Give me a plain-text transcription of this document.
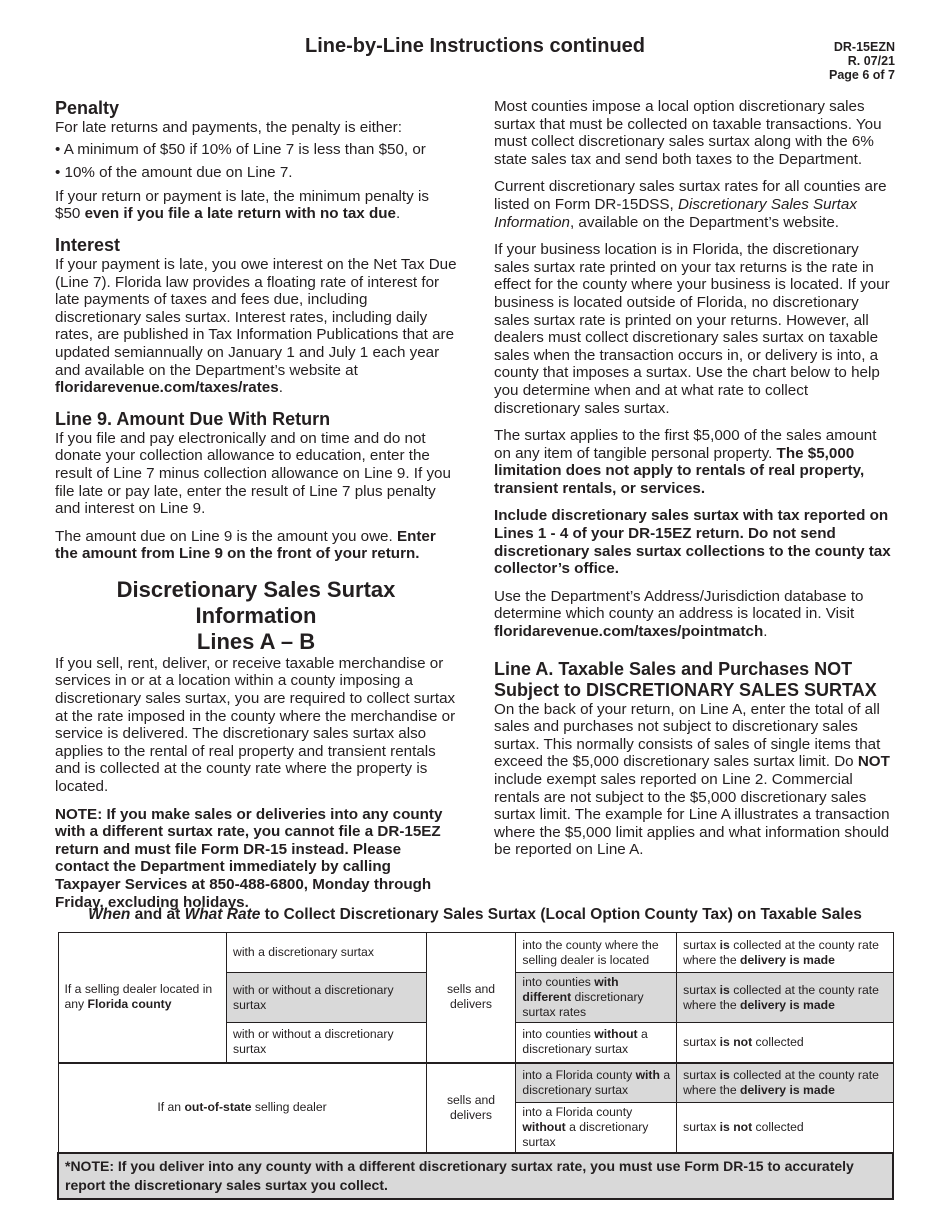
Line-by-Line Instructions continued	DR-15EZN
R. 07/21
Page 6 of 7
Penalty

For late returns and payments, the penalty is either:

• A minimum of $50 if 10% of Line 7 is less than $50, or
• 10% of the amount due on Line 7.

If your return or payment is late, the minimum penalty is $50 even if you file a late return with no tax due.

Interest

If your payment is late, you owe interest on the Net Tax Due (Line 7). Florida law provides a floating rate of interest for late payments of taxes and fees due, including discretionary sales surtax. Interest rates, including daily rates, are published in Tax Information Publications that are updated semiannually on January 1 and July 1 each year and available on the Department’s website at floridarevenue.com/taxes/rates.

Line 9. Amount Due With Return

If you file and pay electronically and on time and do not donate your collection allowance to education, enter the result of Line 7 minus collection allowance on Line 9. If you file late or pay late, enter the result of Line 7 plus penalty and interest on Line 9.

The amount due on Line 9 is the amount you owe. Enter the amount from Line 9 on the front of your return.

Discretionary Sales Surtax Information
Lines A – B

If you sell, rent, deliver, or receive taxable merchandise or services in or at a location within a county imposing a discretionary sales surtax, you are required to collect surtax at the rate imposed in the county where the merchandise or service is delivered. The discretionary sales surtax also applies to the rental of real property and transient rentals and is collected at the county rate where the property is located.

NOTE: If you make sales or deliveries into any county with a different surtax rate, you cannot file a DR-15EZ return and must file Form DR-15 instead. Please contact the Department immediately by calling Taxpayer Services at 850-488-6800, Monday through Friday, excluding holidays.

Most counties impose a local option discretionary sales surtax that must be collected on taxable transactions. You must collect discretionary sales surtax along with the 6% state sales tax and send both taxes to the Department.

Current discretionary sales surtax rates for all counties are listed on Form DR-15DSS, Discretionary Sales Surtax Information, available on the Department’s website.

If your business location is in Florida, the discretionary sales surtax rate printed on your tax returns is the rate in effect for the county where your business is located. If your business is located outside of Florida, no discretionary sales surtax rate is printed on your returns. However, all dealers must collect discretionary sales surtax on taxable sales when the transaction occurs in, or delivery is into, a county that imposes a surtax. Use the chart below to help you determine when and at what rate to collect discretionary sales surtax.

The surtax applies to the first $5,000 of the sales amount on any item of tangible personal property. The $5,000 limitation does not apply to rentals of real property, transient rentals, or services.

Include discretionary sales surtax with tax reported on Lines 1 - 4 of your DR-15EZ return. Do not send discretionary sales surtax collections to the county tax collector’s office.

Use the Department’s Address/Jurisdiction database to determine which county an address is located in. Visit floridarevenue.com/taxes/pointmatch.

Line A. Taxable Sales and Purchases NOT Subject to DISCRETIONARY SALES SURTAX

On the back of your return, on Line A, enter the total of all sales and purchases not subject to discretionary sales surtax. This normally consists of sales of single items that exceed the $5,000 discretionary sales surtax limit. Do NOT include exempt sales reported on Line 2. Commercial rentals are not subject to the $5,000 discretionary sales surtax limit. The example for Line A illustrates a transaction where the $5,000 limit applies and what information should be reported on Line A.

When and at What Rate to Collect Discretionary Sales Surtax (Local Option County Tax) on Taxable Sales
If a selling dealer located in any Florida county	with a discretionary surtax	sells and delivers	into the county where the selling dealer is located	surtax is collected at the county rate where the delivery is made
	with or without a discretionary surtax		into counties with different discretionary surtax rates	surtax is collected at the county rate where the delivery is made
	with or without a discretionary surtax		into counties without a discretionary surtax	surtax is not collected
If an out-of-state selling dealer		sells and delivers	into a Florida county with a discretionary surtax	surtax is collected at the county rate where the delivery is made
			into a Florida county without a discretionary surtax	surtax is not collected
*NOTE: If you deliver into any county with a different discretionary surtax rate, you must use Form DR-15 to accurately report the discretionary sales surtax you collect.				
